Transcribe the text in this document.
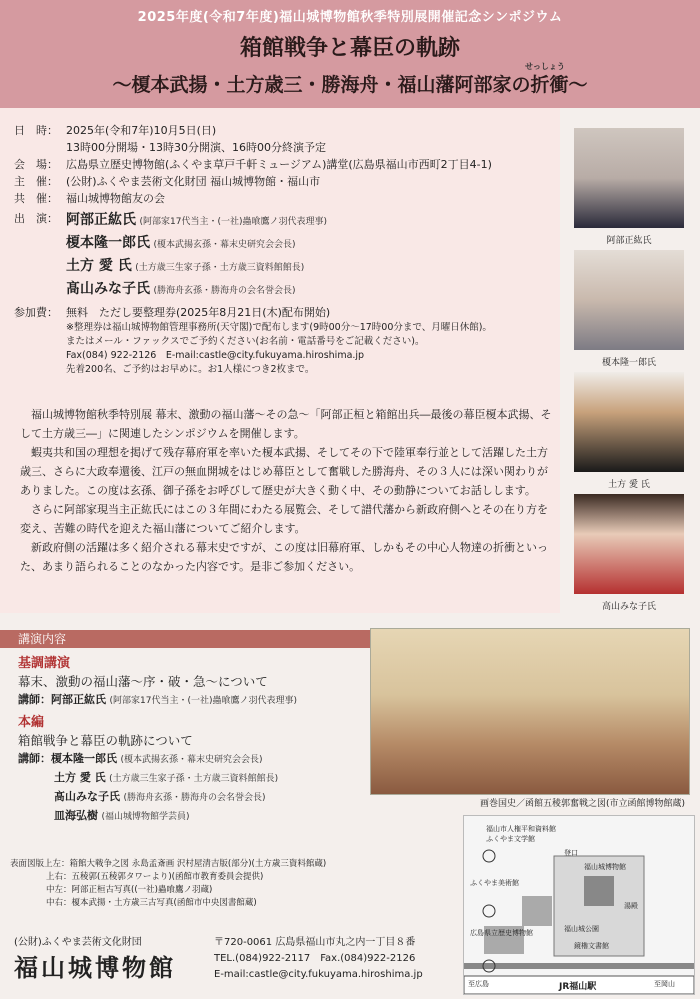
2025年度(令和7年度)福山城博物館秋季特別展開催記念シンポジウム
箱館戦争と幕臣の軌跡
せっしょう
～榎本武揚・土方歳三・勝海舟・福山藩阿部家の折衝～
日　時： 2025年(令和7年)10月5日(日)
13時00分開場・13時30分開演、16時00分終演予定
会　場： 広島県立歴史博物館(ふくやま草戸千軒ミュージアム)講堂(広島県福山市西町2丁目4-1)
主　催： (公財)ふくやま芸術文化財団 福山城博物館・福山市
共　催： 福山城博物館友の会
出　演： 阿部正紘氏 (阿部家17代当主・(一社)蟲喰鷹ノ羽代表理事)
榎本隆一郎氏 (榎本武揚玄孫・幕末史研究会会長)
土方 愛 氏 (土方歳三生家子孫・土方歳三資料館館長)
髙山みな子氏 (勝海舟玄孫・勝海舟の会名誉会長)
参加費： 無料　ただし要整理券(2025年8月21日(木)配布開始)
※整理券は福山城博物館管理事務所(天守閣)で配布します(9時00分～17時00分まで、月曜日休館)。
またはメール・ファックスでご予約ください(お名前・電話番号をご記載ください)。
Fax(084) 922-2126　E-mail:castle@city.fukuyama.hiroshima.jp
先着200名、ご予約はお早めに。お1人様につき2枚まで。

福山城博物館秋季特別展 幕末、激動の福山藩～その急～「阿部正桓と箱館出兵―最後の幕臣榎本武揚、そして土方歳三―」に関連したシンポジウムを開催します。

蝦夷共和国の理想を掲げて残存幕府軍を率いた榎本武揚、そしてその下で陸軍奉行並として活躍した土方歳三、さらに大政奉還後、江戸の無血開城をはじめ幕臣として奮戦した勝海舟、その３人には深い関わりがありました。この度は玄孫、御子孫をお呼びして歴史が大きく動く中、その動静についてお話しします。

さらに阿部家現当主正紘氏にはこの３年間にわたる展覧会、そして譜代藩から新政府側へとその在り方を変え、苦難の時代を迎えた福山藩についてご紹介します。

新政府側の活躍は多く紹介される幕末史ですが、この度は旧幕府軍、しかもその中心人物達の折衝といった、あまり語られることのなかった内容です。是非ご参加ください。

阿部正紘氏
榎本隆一郎氏
土方 愛 氏
高山みな子氏
講演内容
基調講演
幕末、激動の福山藩～序・破・急～について
講師：阿部正紘氏 (阿部家17代当主・(一社)蟲喰鷹ノ羽代表理事)
本編
箱館戦争と幕臣の軌跡について
講師：榎本隆一郎氏 (榎本武揚玄孫・幕末史研究会会長)
土方 愛 氏 (土方歳三生家子孫・土方歳三資料館館長)
髙山みな子氏 (勝海舟玄孫・勝海舟の会名誉会長)
皿海弘樹 (福山城博物館学芸員)
画巻国史／函館五稜郭奮戦之図(市立函館博物館蔵)
表面図版上左：箱館大戦争之図 永島孟斎画 沢村屋清吉版(部分)(土方歳三資料館蔵)
上右：五稜郭(五稜郭タワーより)(函館市教育委員会提供)
中左：阿部正桓古写真((一社)蟲喰鷹ノ羽蔵)
中右：榎本武揚・土方歳三古写真(函館市中央図書館蔵)
福山市人権平和資料館
ふくやま文学館
登口
福山城博物館
ふくやま美術館
広島県立歴史博物館	福山城公園
湯殿
鏡櫓文書館
JR福山駅
至広島	至岡山
(公財)ふくやま芸術文化財団
福山城博物館
〒720-0061 広島県福山市丸之内一丁目８番
TEL.(084)922-2117　Fax.(084)922-2126
E-mail:castle@city.fukuyama.hiroshima.jp
